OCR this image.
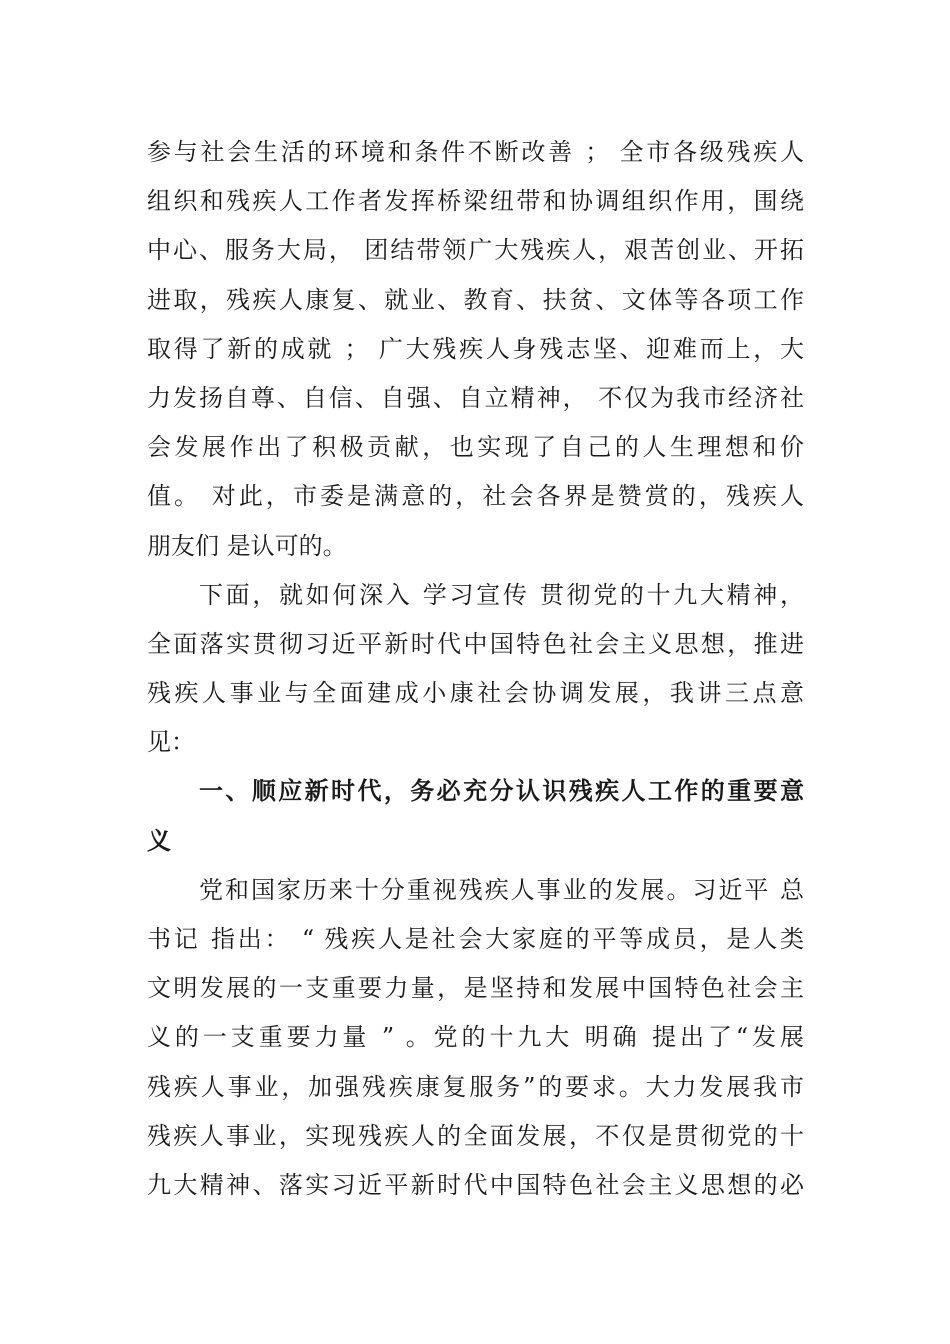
参与社会生活的环境和条件不断改善 ； 全市各级残疾人
组织和残疾人工作者发挥桥梁纽带和协调组织作用，围绕
中心、服务大局， 团结带领广大残疾人，艰苦创业、开拓
进取，残疾人康复、就业、教育、扶贫、文体等各项工作
取得了新的成就 ； 广大残疾人身残志坚、迎难而上，大
力发扬自尊、自信、自强、自立精神， 不仅为我市经济社
会发展作出了积极贡献，也实现了自己的人生理想和价
值。 对此，市委是满意的，社会各界是赞赏的，残疾人
朋友们 是认可的。
下面，就如何深入 学习宣传 贯彻党的十九大精神，
全面落实贯彻习近平新时代中国特色社会主义思想，推进
残疾人事业与全面建成小康社会协调发展，我讲三点意
见：
一、顺应新时代，务必充分认识残疾人工作的重要意
义
党和国家历来十分重视残疾人事业的发展。习近平 总
书记 指出： “ 残疾人是社会大家庭的平等成员，是人类
文明发展的一支重要力量，是坚持和发展中国特色社会主
义的一支重要力量 ” 。党的十九大 明确 提出了“发展
残疾人事业，加强残疾康复服务”的要求。大力发展我市
残疾人事业，实现残疾人的全面发展，不仅是贯彻党的十
九大精神、落实习近平新时代中国特色社会主义思想的必
